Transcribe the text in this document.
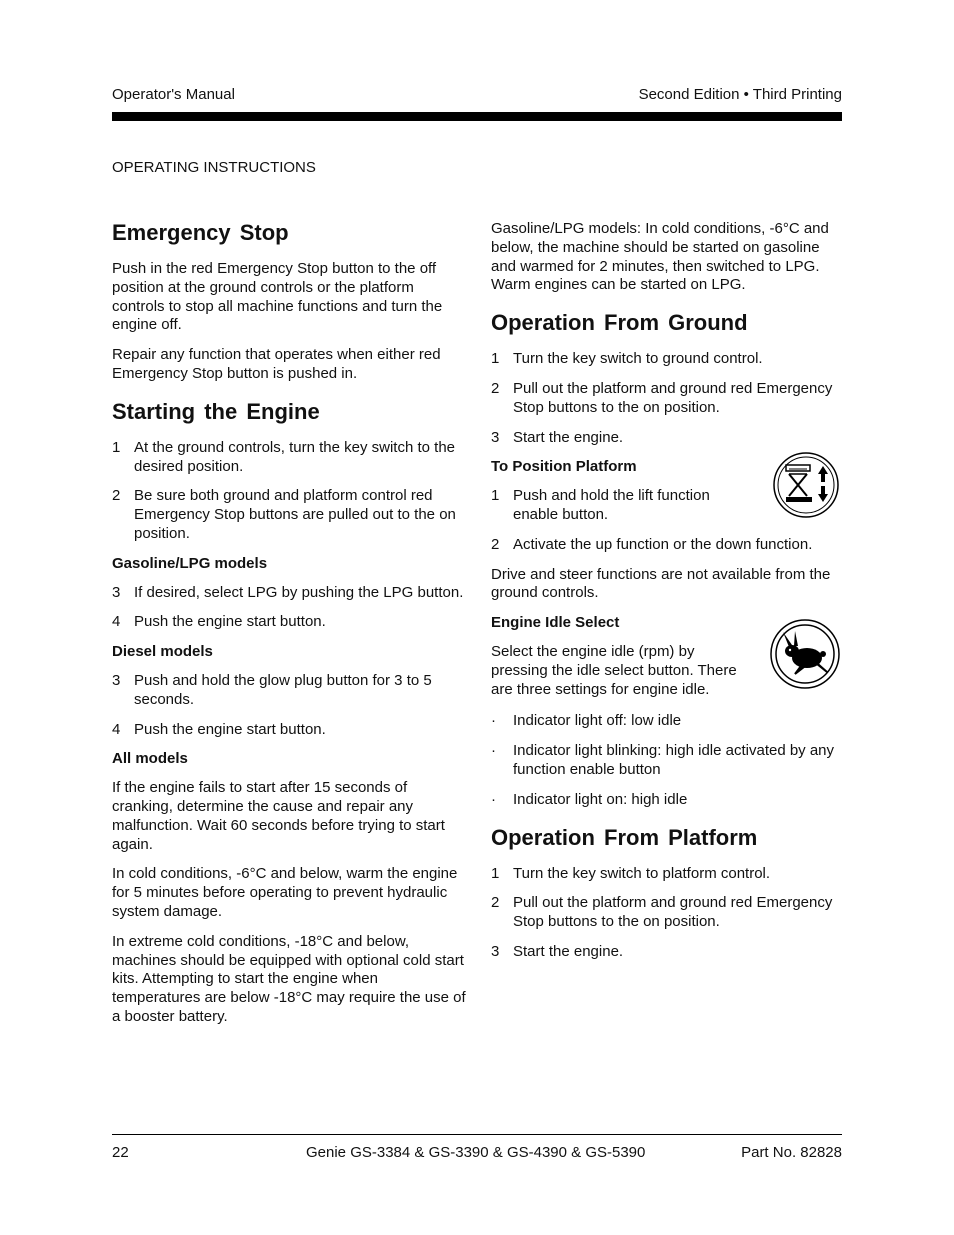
Operator's Manual	Second Edition • Third Printing
OPERATING INSTRUCTIONS
Emergency Stop

Push in the red Emergency Stop button to the off position at the ground controls or the platform controls to stop all machine functions and turn the engine off.

Repair any function that operates when either red Emergency Stop button is pushed in.

Starting the Engine
1 At the ground controls, turn the key switch to the desired position.
2 Be sure both ground and platform control red Emergency Stop buttons are pulled out to the on position.
Gasoline/LPG models
3 If desired, select LPG by pushing the LPG button.
4 Push the engine start button.
Diesel models
3 Push and hold the glow plug button for 3 to 5 seconds.
4 Push the engine start button.
All models

If the engine fails to start after 15 seconds of cranking, determine the cause and repair any malfunction. Wait 60 seconds before trying to start again.

In cold conditions, -6°C and below, warm the engine for 5 minutes before operating to prevent hydraulic system damage.

In extreme cold conditions, -18°C and below, machines should be equipped with optional cold start kits. Attempting to start the engine when temperatures are below -18°C may require the use of a booster battery.

Gasoline/LPG models: In cold conditions, -6°C and below, the machine should be started on gasoline and warmed for 2 minutes, then switched to LPG. Warm engines can be started on LPG.

Operation From Ground
1 Turn the key switch to ground control.
2 Pull out the platform and ground red Emergency Stop buttons to the on position.
3 Start the engine.
To Position Platform
1 Push and hold the lift function enable button.
2 Activate the up function or the down function.

Drive and steer functions are not available from the ground controls.

Engine Idle Select

Select the engine idle (rpm) by pressing the idle select button. There are three settings for engine idle.

· Indicator light off: low idle
· Indicator light blinking: high idle activated by any function enable button
· Indicator light on: high idle
Operation From Platform
1 Turn the key switch to platform control.
2 Pull out the platform and ground red Emergency Stop buttons to the on position.
3 Start the engine.
22	Genie GS-3384 & GS-3390 & GS-4390 & GS-5390	Part No. 82828
